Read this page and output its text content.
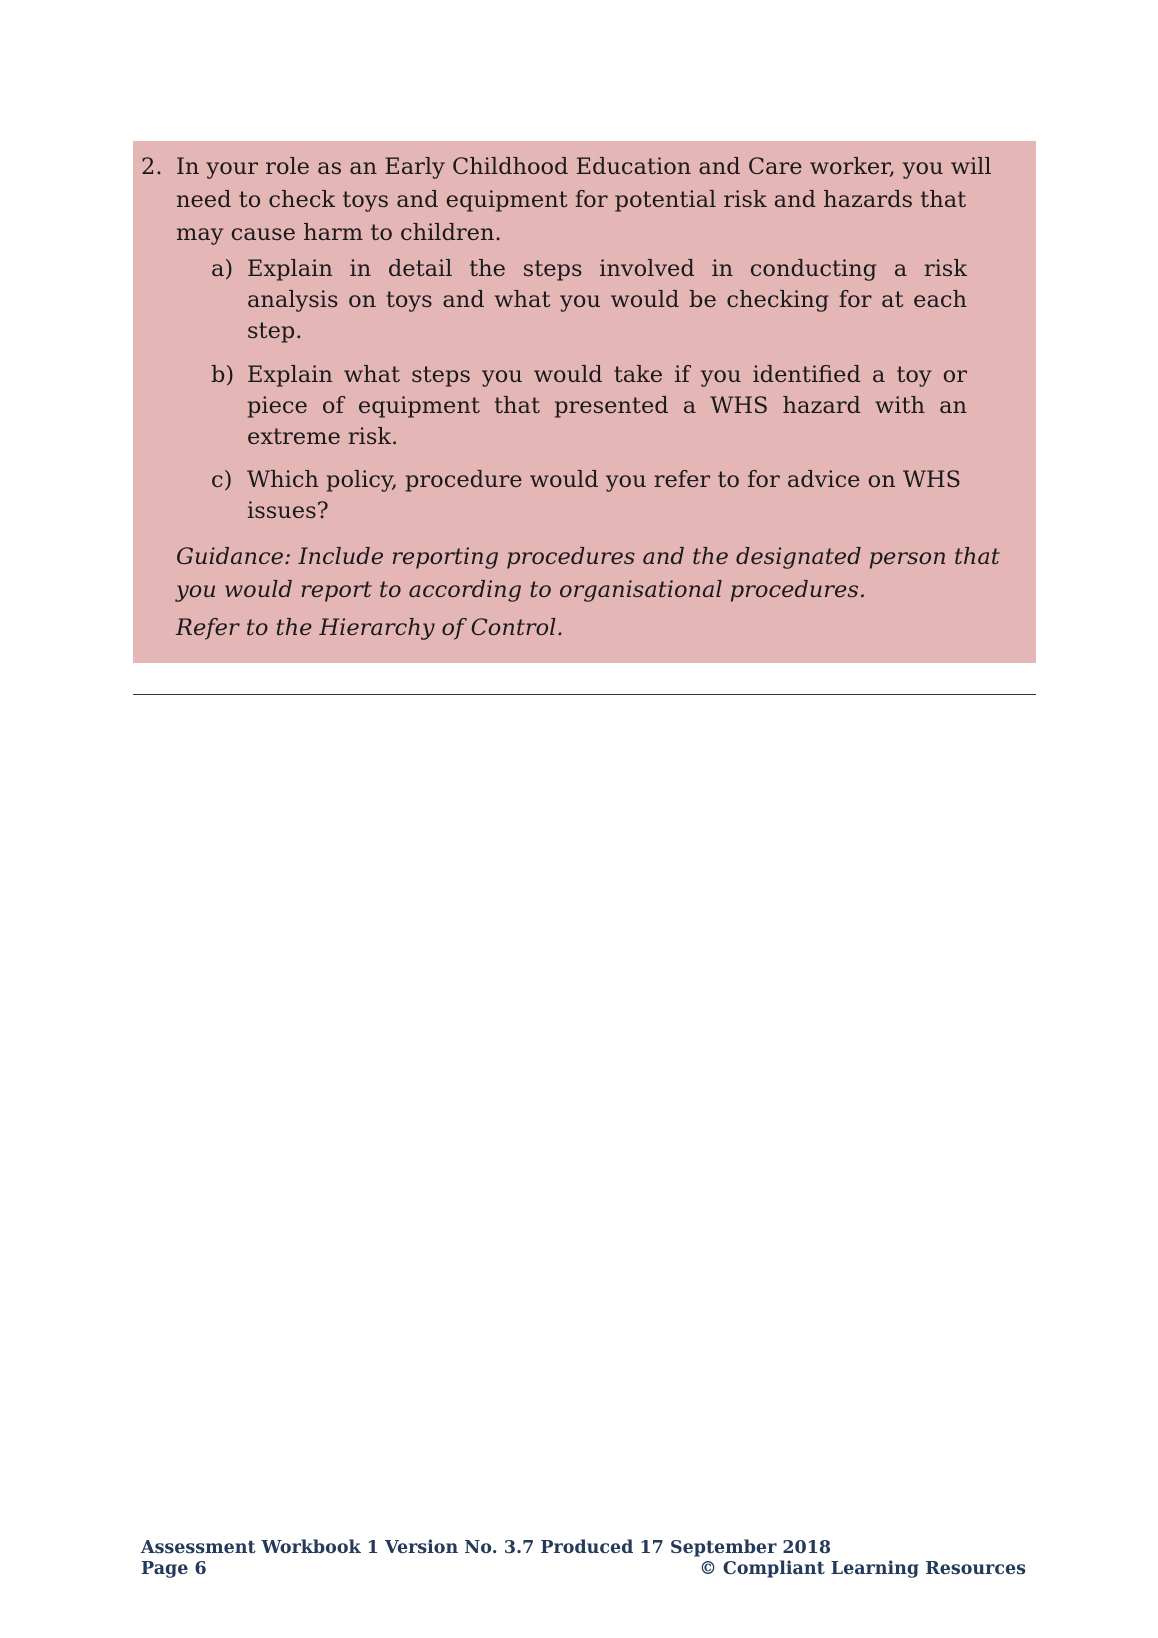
2. In your role as an Early Childhood Education and Care worker, you will need to check toys and equipment for potential risk and hazards that may cause harm to children.
a) Explain in detail the steps involved in conducting a risk analysis on toys and what you would be checking for at each step.
b) Explain what steps you would take if you identified a toy or piece of equipment that presented a WHS hazard with an extreme risk.
c) Which policy, procedure would you refer to for advice on WHS issues?
Guidance: Include reporting procedures and the designated person that you would report to according to organisational procedures.
Refer to the Hierarchy of Control.
Assessment Workbook 1 Version No. 3.7 Produced 17 September 2018
Page 6	© Compliant Learning Resources
